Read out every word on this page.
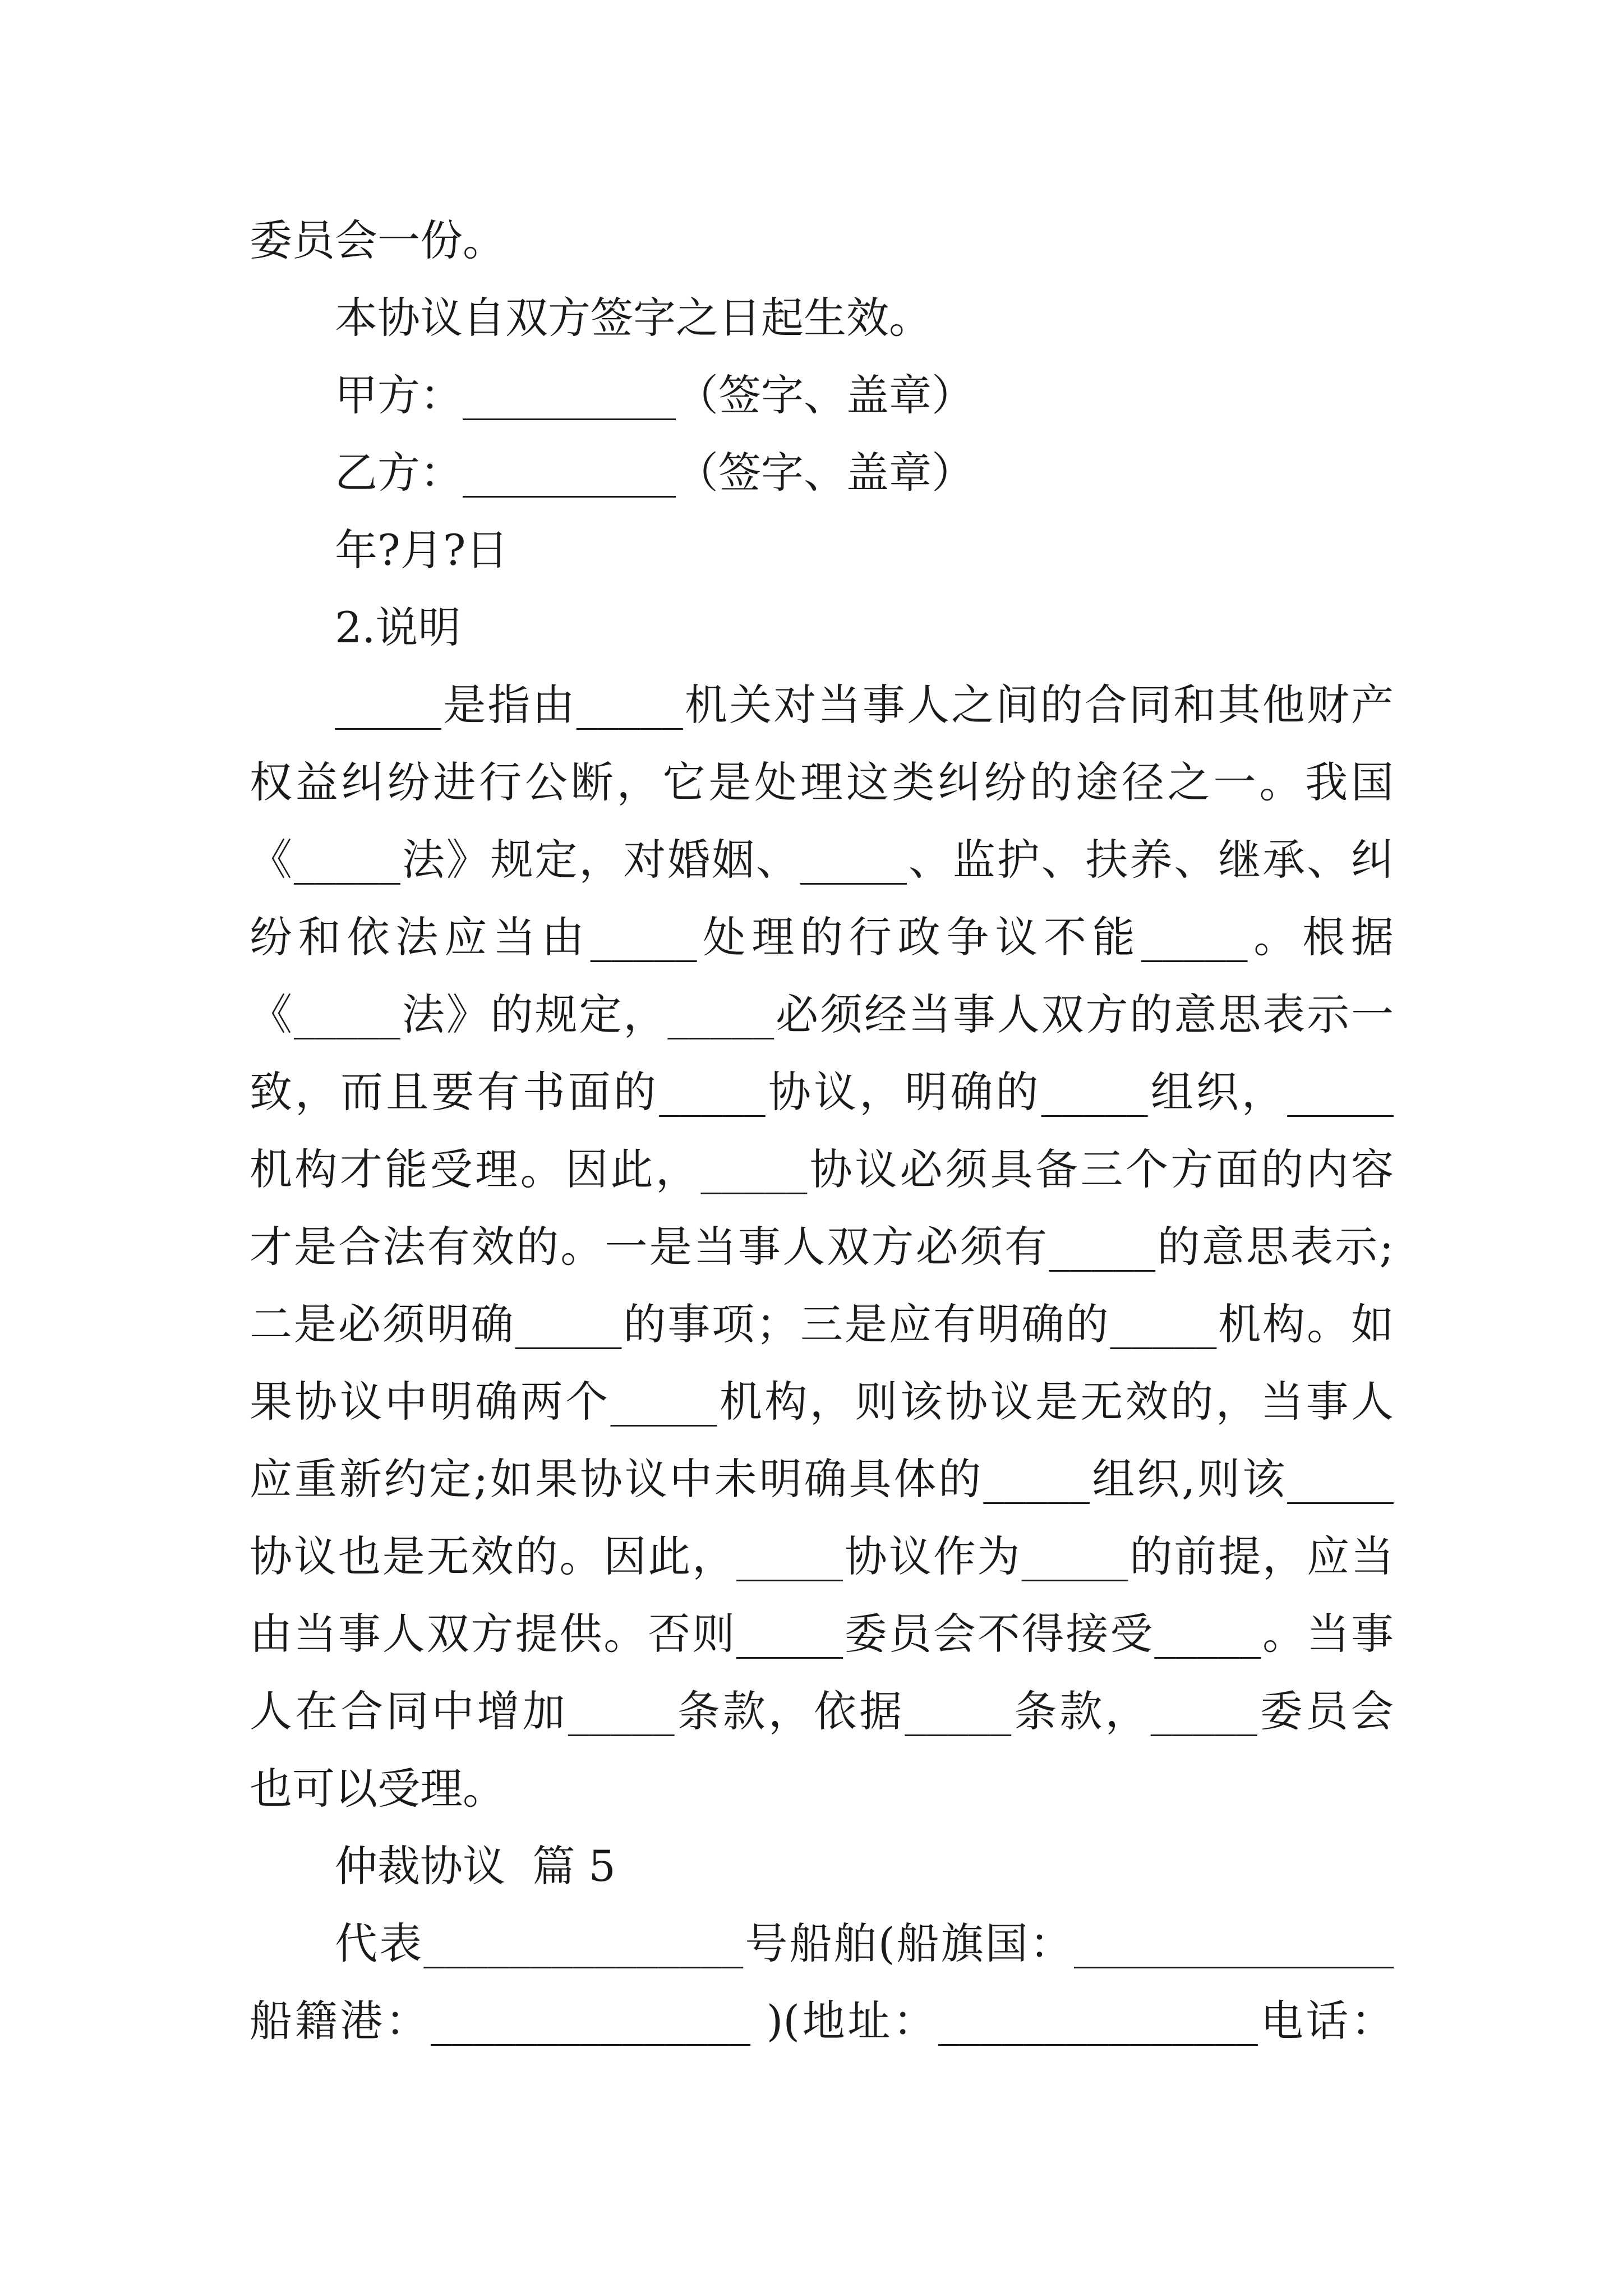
委员会一份。
本协议自双方签字之日起生效。
甲方：__________（签字、盖章）
乙方：__________（签字、盖章）
年?月?日
2.说明
_____是指由_____机关对当事人之间的合同和其他财产
权益纠纷进行公断，它是处理这类纠纷的途径之一。我国
《_____法》规定，对婚姻、_____、监护、扶养、继承、纠
纷和依法应当由_____处理的行政争议不能_____。根据
《_____法》的规定，_____必须经当事人双方的意思表示一
致，而且要有书面的_____协议，明确的_____组织，_____
机构才能受理。因此，_____协议必须具备三个方面的内容
才是合法有效的。一是当事人双方必须有_____的意思表示;
二是必须明确_____的事项；三是应有明确的_____机构。如
果协议中明确两个_____机构，则该协议是无效的，当事人
应重新约定;如果协议中未明确具体的_____组织,则该_____
协议也是无效的。因此，_____协议作为_____的前提，应当
由当事人双方提供。否则_____委员会不得接受_____。当事
人在合同中增加_____条款，依据_____条款，_____委员会
也可以受理。
仲裁协议  篇 5
代表_______________号船舶(船旗国：_______________
船籍港：_______________ )(地址：_______________电话：
